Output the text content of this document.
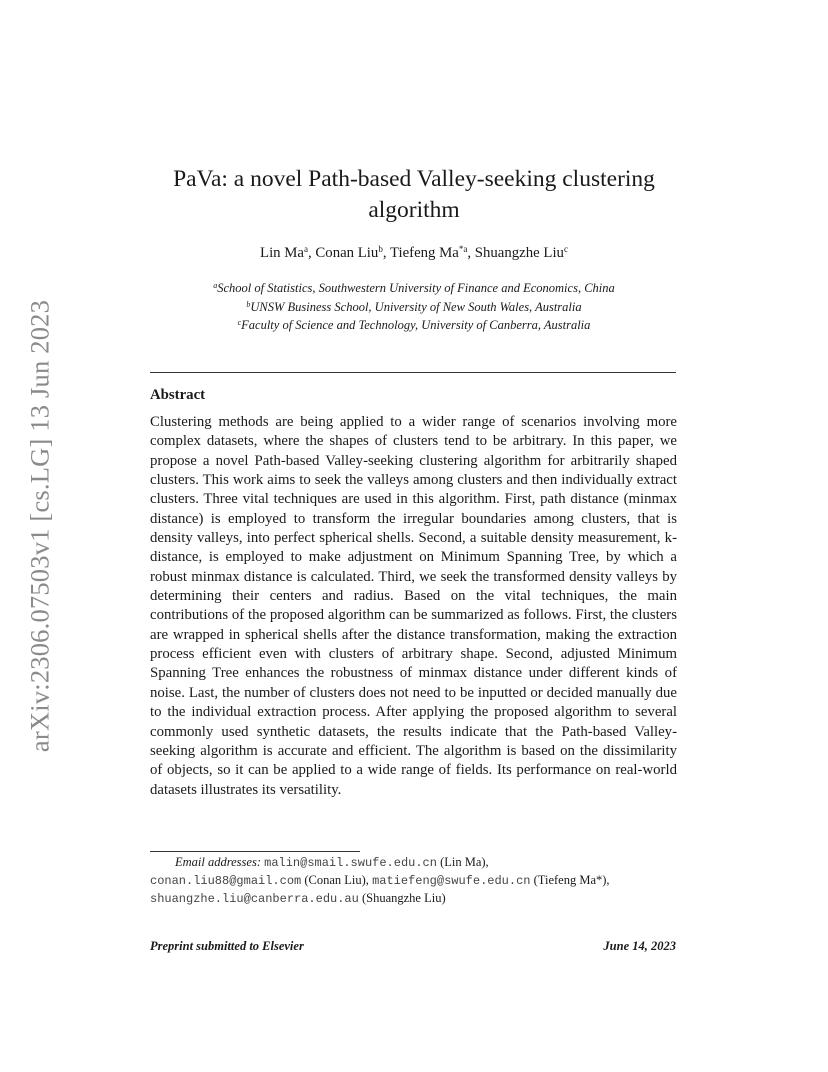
arXiv:2306.07503v1 [cs.LG] 13 Jun 2023
PaVa: a novel Path-based Valley-seeking clustering algorithm
Lin Ma$^a$, Conan Liu$^b$, Tiefeng Ma$^{*a}$, Shuangzhe Liu$^c$
$^a$School of Statistics, Southwestern University of Finance and Economics, China
$^b$UNSW Business School, University of New South Wales, Australia
$^c$Faculty of Science and Technology, University of Canberra, Australia
Abstract
Clustering methods are being applied to a wider range of scenarios involving more complex datasets, where the shapes of clusters tend to be arbitrary. In this paper, we propose a novel Path-based Valley-seeking clustering algorithm for arbitrarily shaped clusters. This work aims to seek the valleys among clusters and then individually extract clusters. Three vital techniques are used in this algorithm. First, path distance (minmax distance) is employed to transform the irregular boundaries among clusters, that is density valleys, into perfect spherical shells. Second, a suitable density measurement, k-distance, is employed to make adjustment on Minimum Spanning Tree, by which a robust minmax distance is calculated. Third, we seek the transformed density valleys by determining their centers and radius. Based on the vital techniques, the main contributions of the proposed algorithm can be summarized as follows. First, the clusters are wrapped in spherical shells after the distance transformation, making the extraction process efficient even with clusters of arbitrary shape. Second, adjusted Minimum Spanning Tree enhances the robustness of minmax distance under different kinds of noise. Last, the number of clusters does not need to be inputted or decided manually due to the individual extraction process. After applying the proposed algorithm to several commonly used synthetic datasets, the results indicate that the Path-based Valley-seeking algorithm is accurate and efficient. The algorithm is based on the dissimilarity of objects, so it can be applied to a wide range of fields. Its performance on real-world datasets illustrates its versatility.
Email addresses: malin@smail.swufe.edu.cn (Lin Ma),
conan.liu88@gmail.com (Conan Liu), matiefeng@swufe.edu.cn (Tiefeng Ma*),
shuangzhe.liu@canberra.edu.au (Shuangzhe Liu)
Preprint submitted to Elsevier	June 14, 2023
